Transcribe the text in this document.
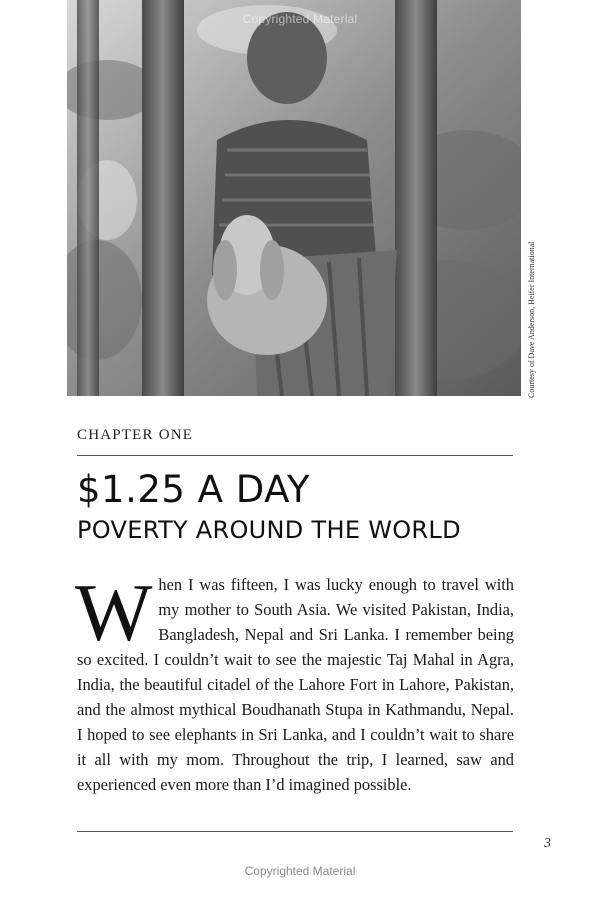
Copyrighted Material
Courtesy of Dave Anderson, Heifer International
CHAPTER ONE
$1.25 A DAY
POVERTY AROUND THE WORLD
When I was fifteen, I was lucky enough to travel with my mother to South Asia. We visited Pakistan, India, Bangladesh, Nepal and Sri Lanka. I remember being so excited. I couldn’t wait to see the majestic Taj Mahal in Agra, India, the beautiful citadel of the Lahore Fort in Lahore, Pakistan, and the almost mythical Boudhanath Stupa in Kathmandu, Nepal. I hoped to see elephants in Sri Lanka, and I couldn’t wait to share it all with my mom. Throughout the trip, I learned, saw and experienced even more than I’d imagined possible.
3
Copyrighted Material
